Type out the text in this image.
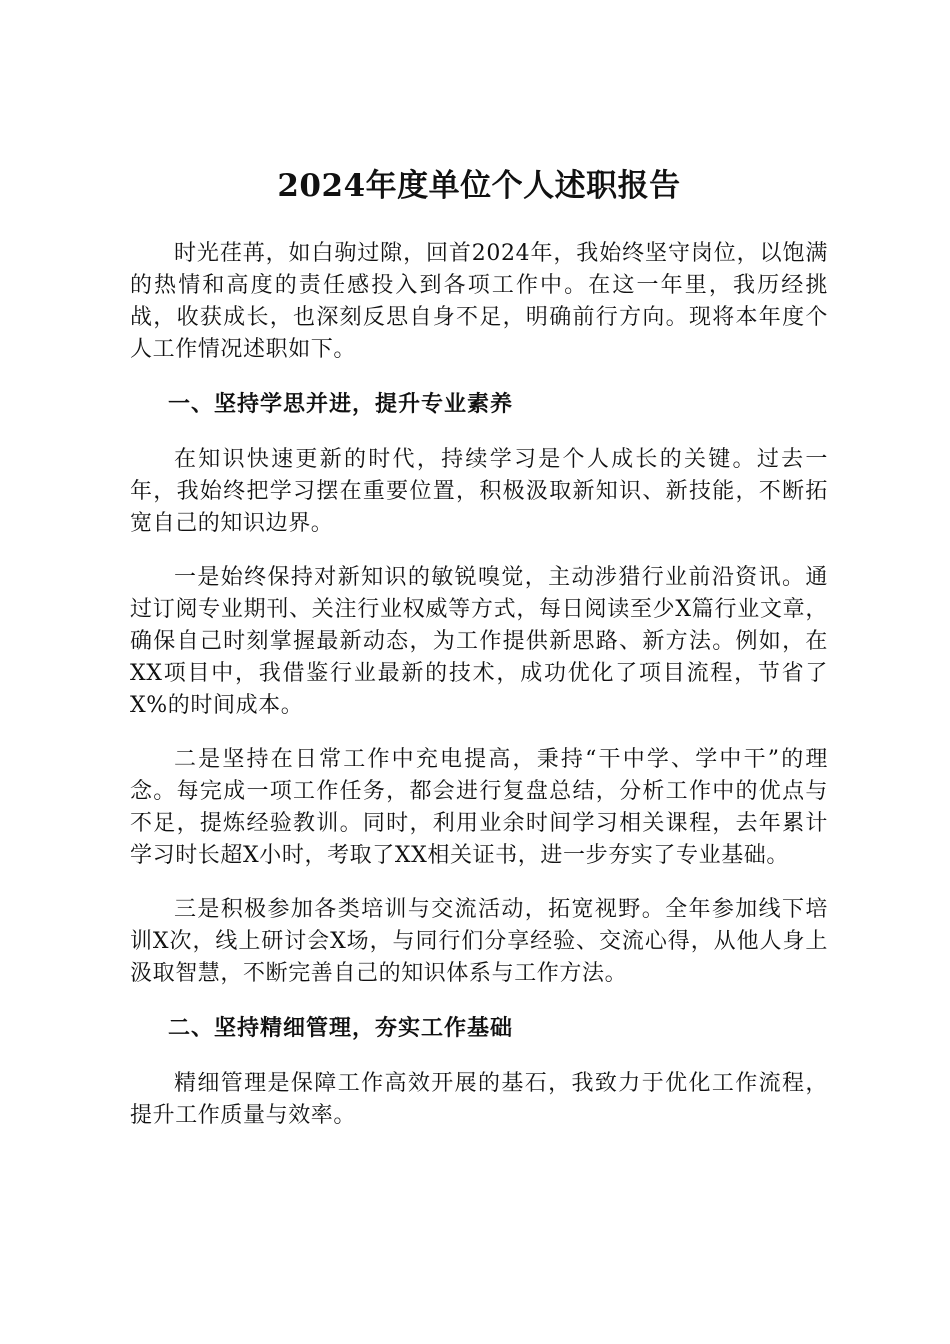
2024年度单位个人述职报告

时光荏苒，如白驹过隙，回首2024年，我始终坚守岗位，以饱满的热情和高度的责任感投入到各项工作中。在这一年里，我历经挑战，收获成长，也深刻反思自身不足，明确前行方向。现将本年度个人工作情况述职如下。

一、坚持学思并进，提升专业素养

在知识快速更新的时代，持续学习是个人成长的关键。过去一年，我始终把学习摆在重要位置，积极汲取新知识、新技能，不断拓宽自己的知识边界。

一是始终保持对新知识的敏锐嗅觉，主动涉猎行业前沿资讯。通过订阅专业期刊、关注行业权威等方式，每日阅读至少X篇行业文章，确保自己时刻掌握最新动态，为工作提供新思路、新方法。例如，在XX项目中，我借鉴行业最新的技术，成功优化了项目流程，节省了X%的时间成本。

二是坚持在日常工作中充电提高，秉持“干中学、学中干”的理念。每完成一项工作任务，都会进行复盘总结，分析工作中的优点与不足，提炼经验教训。同时，利用业余时间学习相关课程，去年累计学习时长超X小时，考取了XX相关证书，进一步夯实了专业基础。

三是积极参加各类培训与交流活动，拓宽视野。全年参加线下培训X次，线上研讨会X场，与同行们分享经验、交流心得，从他人身上汲取智慧，不断完善自己的知识体系与工作方法。

二、坚持精细管理，夯实工作基础

精细管理是保障工作高效开展的基石，我致力于优化工作流程，提升工作质量与效率。
